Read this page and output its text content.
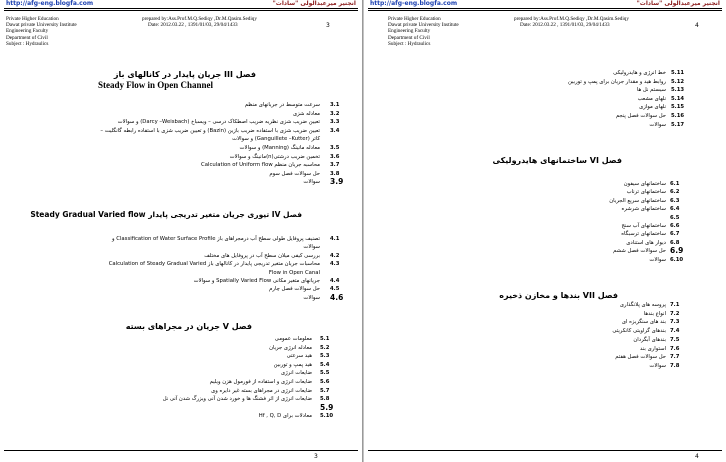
http://afg-eng.blogfa.com	انجنیر میرعبدالولی "سادات"
3
Private Higher Education
Dawat private University Institute
Engineering Faculty
Department of Civil
Subject : Hydraulics
prepared by:Ass.Prof.M.Q.Sediqy ,Dr.M.Qasim.Sediqy
Date: 2012.03.22 , 1391/01/03, 29/04/1433
فصل III جریان پایدار در کانالهای باز
Steady Flow in Open Channel
سرعت متوسط در جریانهای منظم 3.1
معادله شزی 3.2
تعیین ضریب شزی نظریه ضریب اصطکاک درسی – ویسباخ (Darcy –Weisbach) و سوالات 3.3
تعیین ضریب شزی با استفاده ضریب بازین (Bazin) و تعیین ضریب شزی با استفاده رابطه گانگلیت – 3.4
کاتر (Ganguillete –Kutter) و سوالات
معادله مانینگ (Manning) و سوالات 3.5
تخمین ضریب درشتی(n)مانینگ و سوالات 3.6
محاسبه جریان منظم Calculation of Uniform flow 3.7
حل سوالات فصل سوم 3.8
سوالات 3.9
فصل IV تیوری جریان متغیر تدریجی پایدار Steady Gradual Varied flow
تصنیف پروفایل طولی سطح آب درمجراهای باز Classification of Water Surface Profile و 4.1
سوالات
بررسی کیفی میلان سطح آب در پروفایل های مختلف 4.2
محاسبات جریان متغیر تدریجی پایدار در کانالهای باز Calculation of Steady Gradual Varied 4.3
Flow in Open Canal
جریانهای متغیر مکانی Spatially Varied Flow و سوالات 4.4
حل سوالات فصل چارم 4.5
سوالات 4.6
فصل V جریان در مجراهای بسته
معلومات عمومی 5.1
معادله انرژی جریان 5.2
هید سرعتی 5.3
هید پمپ و توربین 5.4
ضایعات انرژی 5.5
ضایعات انرژی و استفاده از فورمول هزن ویلیم 5.6
ضایعات انرژی در مجراهای بسته غیر دایره وی 5.7
ضایعات انرژی از اثر فشنگ ها و خورد شدن آنی ویزرگ شدن آنی نل 5.8
5.9
معادلات برای Hf , Q, D 5.10
3
http://afg-eng.blogfa.com	انجنیر میرعبدالولی "سادات"
4
Private Higher Education
Dawat private University Institute
Engineering Faculty
Department of Civil
Subject : Hydraulics
prepared by:Ass.Prof.M.Q.Sediqy ,Dr.M.Qasim.Sediqy
Date: 2012.03.22 , 1391/01/03, 29/04/1433
خط انرژی و هایدرولیکی 5.11
روابط هید و مقدار جریان برای پمپ و توربین 5.12
سیستم نل ها 5.13
نلهای مشعب 5.14
نلهای موازی 5.15
حل سوالات فصل پنجم 5.16
سوالات 5.17
فصل VI ساختمانهای هایدرولیکی
ساختمانهای سیفون 6.1
ساختمانهای ترناب 6.2
ساختمانهای سریع الجریان 6.3
ساختمانهای شرشره 6.4
6.5
ساختمانهای آب سنج 6.6
ساختمانهای ترسبگاه 6.7
دیوار های استنادی 6.8
حل سوالات فصل ششم 6.9
سوالات 6.10
فصل VII بندها و مخازن ذخیره
پروسه های پلانگذاری 7.1
انواع بندها 7.2
بند های سنگریزه ای 7.3
بندهای گراویتی کانکریتی 7.4
بندهای آبگردان 7.5
استواری بند 7.6
حل سوالات فصل هفتم 7.7
سوالات 7.8
4
